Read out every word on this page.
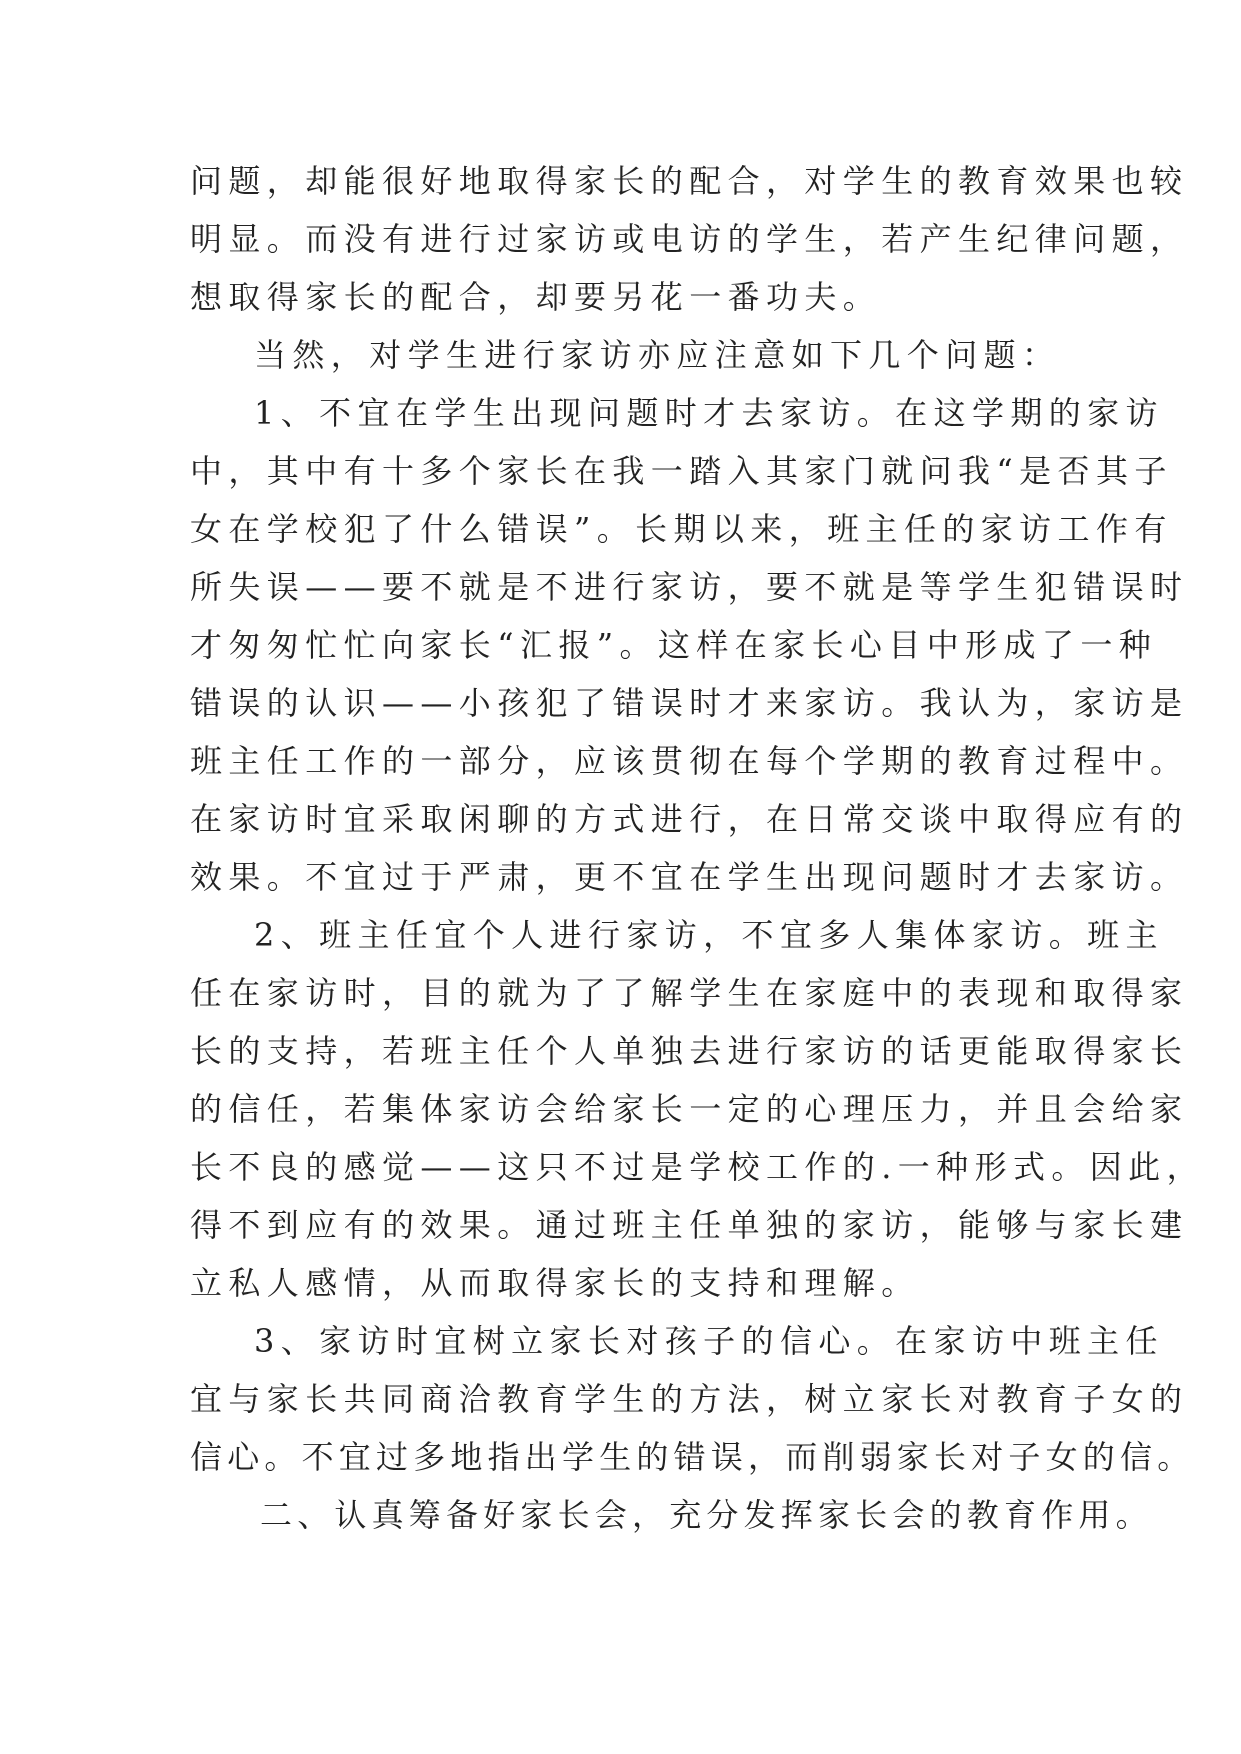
问题，却能很好地取得家长的配合，对学生的教育效果也较
明显。而没有进行过家访或电访的学生，若产生纪律问题，
想取得家长的配合，却要另花一番功夫。
当然，对学生进行家访亦应注意如下几个问题：
1、不宜在学生出现问题时才去家访。在这学期的家访
中，其中有十多个家长在我一踏入其家门就问我“是否其子
女在学校犯了什么错误”。长期以来，班主任的家访工作有
所失误——要不就是不进行家访，要不就是等学生犯错误时
才匆匆忙忙向家长“汇报”。这样在家长心目中形成了一种
错误的认识——小孩犯了错误时才来家访。我认为，家访是
班主任工作的一部分，应该贯彻在每个学期的教育过程中。
在家访时宜采取闲聊的方式进行，在日常交谈中取得应有的
效果。不宜过于严肃，更不宜在学生出现问题时才去家访。
2、班主任宜个人进行家访，不宜多人集体家访。班主
任在家访时，目的就为了了解学生在家庭中的表现和取得家
长的支持，若班主任个人单独去进行家访的话更能取得家长
的信任，若集体家访会给家长一定的心理压力，并且会给家
长不良的感觉——这只不过是学校工作的.一种形式。因此，
得不到应有的效果。通过班主任单独的家访，能够与家长建
立私人感情，从而取得家长的支持和理解。
3、家访时宜树立家长对孩子的信心。在家访中班主任
宜与家长共同商洽教育学生的方法，树立家长对教育子女的
信心。不宜过多地指出学生的错误，而削弱家长对子女的信。
二、认真筹备好家长会，充分发挥家长会的教育作用。
